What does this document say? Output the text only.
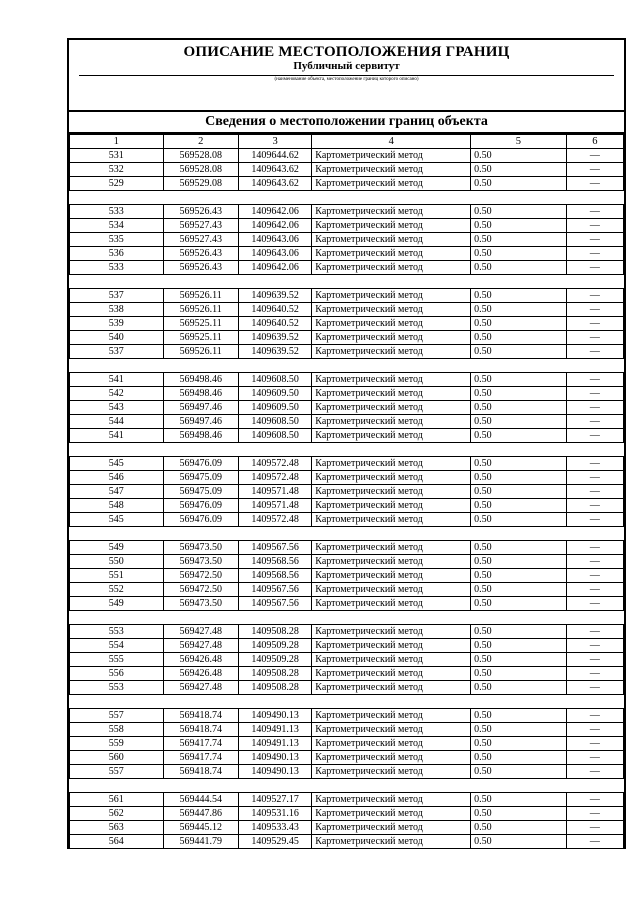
ОПИСАНИЕ МЕСТОПОЛОЖЕНИЯ ГРАНИЦ
Публичный сервитут
(наименование объекта, местоположение границ которого описано)
Сведения о местоположении границ объекта
1	2	3	4	5	6
531	569528.08	1409644.62	Картометрический метод	0.50	—
532	569528.08	1409643.62	Картометрический метод	0.50	—
529	569529.08	1409643.62	Картометрический метод	0.50	—

533	569526.43	1409642.06	Картометрический метод	0.50	—
534	569527.43	1409642.06	Картометрический метод	0.50	—
535	569527.43	1409643.06	Картометрический метод	0.50	—
536	569526.43	1409643.06	Картометрический метод	0.50	—
533	569526.43	1409642.06	Картометрический метод	0.50	—

537	569526.11	1409639.52	Картометрический метод	0.50	—
538	569526.11	1409640.52	Картометрический метод	0.50	—
539	569525.11	1409640.52	Картометрический метод	0.50	—
540	569525.11	1409639.52	Картометрический метод	0.50	—
537	569526.11	1409639.52	Картометрический метод	0.50	—

541	569498.46	1409608.50	Картометрический метод	0.50	—
542	569498.46	1409609.50	Картометрический метод	0.50	—
543	569497.46	1409609.50	Картометрический метод	0.50	—
544	569497.46	1409608.50	Картометрический метод	0.50	—
541	569498.46	1409608.50	Картометрический метод	0.50	—

545	569476.09	1409572.48	Картометрический метод	0.50	—
546	569475.09	1409572.48	Картометрический метод	0.50	—
547	569475.09	1409571.48	Картометрический метод	0.50	—
548	569476.09	1409571.48	Картометрический метод	0.50	—
545	569476.09	1409572.48	Картометрический метод	0.50	—

549	569473.50	1409567.56	Картометрический метод	0.50	—
550	569473.50	1409568.56	Картометрический метод	0.50	—
551	569472.50	1409568.56	Картометрический метод	0.50	—
552	569472.50	1409567.56	Картометрический метод	0.50	—
549	569473.50	1409567.56	Картометрический метод	0.50	—

553	569427.48	1409508.28	Картометрический метод	0.50	—
554	569427.48	1409509.28	Картометрический метод	0.50	—
555	569426.48	1409509.28	Картометрический метод	0.50	—
556	569426.48	1409508.28	Картометрический метод	0.50	—
553	569427.48	1409508.28	Картометрический метод	0.50	—

557	569418.74	1409490.13	Картометрический метод	0.50	—
558	569418.74	1409491.13	Картометрический метод	0.50	—
559	569417.74	1409491.13	Картометрический метод	0.50	—
560	569417.74	1409490.13	Картометрический метод	0.50	—
557	569418.74	1409490.13	Картометрический метод	0.50	—

561	569444.54	1409527.17	Картометрический метод	0.50	—
562	569447.86	1409531.16	Картометрический метод	0.50	—
563	569445.12	1409533.43	Картометрический метод	0.50	—
564	569441.79	1409529.45	Картометрический метод	0.50	—
